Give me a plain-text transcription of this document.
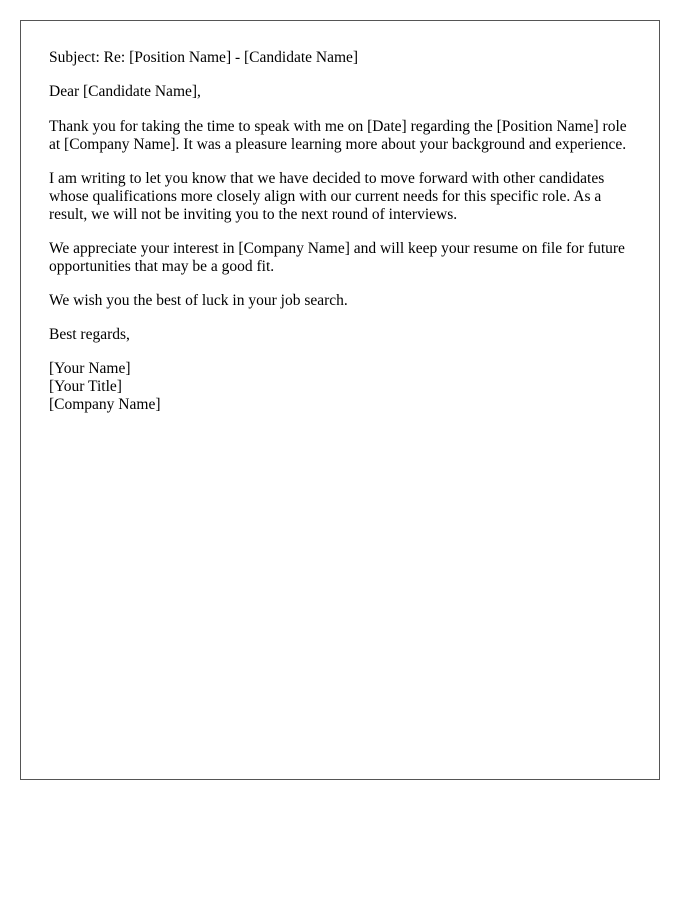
Subject: Re: [Position Name] - [Candidate Name]

Dear [Candidate Name],

Thank you for taking the time to speak with me on [Date] regarding the [Position Name] role at [Company Name]. It was a pleasure learning more about your background and experience.

I am writing to let you know that we have decided to move forward with other candidates whose qualifications more closely align with our current needs for this specific role. As a result, we will not be inviting you to the next round of interviews.

We appreciate your interest in [Company Name] and will keep your resume on file for future opportunities that may be a good fit.

We wish you the best of luck in your job search.

Best regards,

[Your Name]

[Your Title]

[Company Name]
